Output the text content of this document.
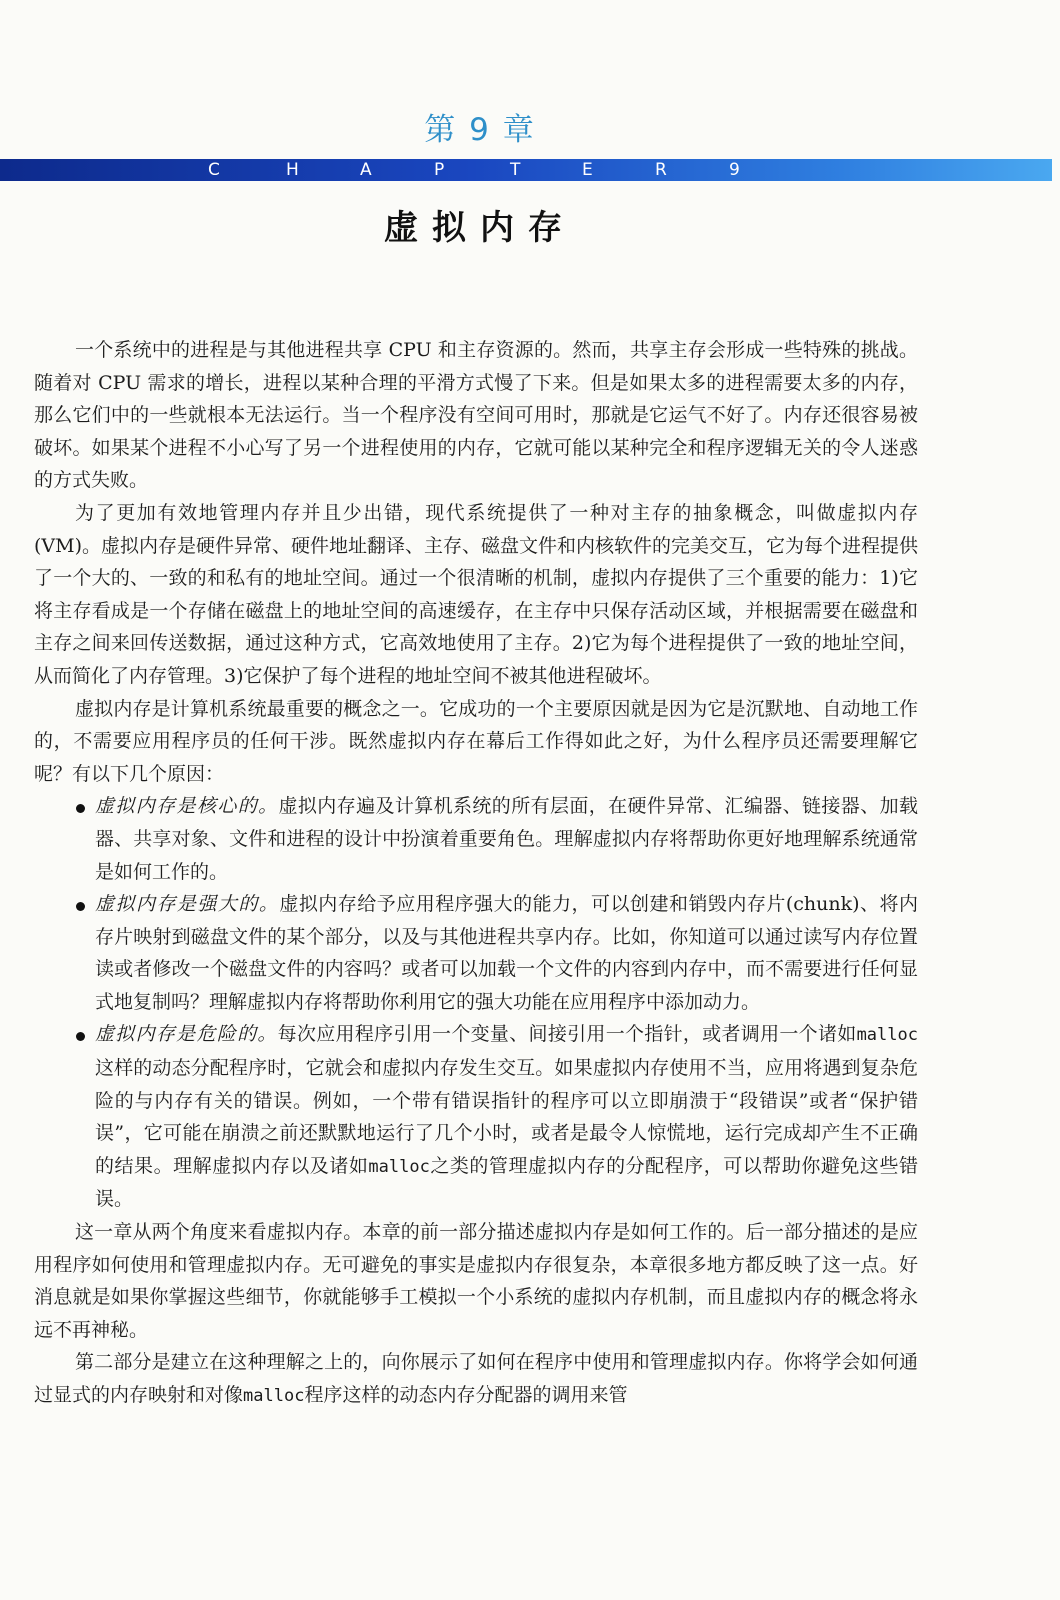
第 9 章
C	H	A	P	T	E	R	9
虚拟内存

一个系统中的进程是与其他进程共享 CPU 和主存资源的。然而，共享主存会形成一些特殊的挑战。随着对 CPU 需求的增长，进程以某种合理的平滑方式慢了下来。但是如果太多的进程需要太多的内存，那么它们中的一些就根本无法运行。当一个程序没有空间可用时，那就是它运气不好了。内存还很容易被破坏。如果某个进程不小心写了另一个进程使用的内存，它就可能以某种完全和程序逻辑无关的令人迷惑的方式失败。

为了更加有效地管理内存并且少出错，现代系统提供了一种对主存的抽象概念，叫做虚拟内存(VM)。虚拟内存是硬件异常、硬件地址翻译、主存、磁盘文件和内核软件的完美交互，它为每个进程提供了一个大的、一致的和私有的地址空间。通过一个很清晰的机制，虚拟内存提供了三个重要的能力：1)它将主存看成是一个存储在磁盘上的地址空间的高速缓存，在主存中只保存活动区域，并根据需要在磁盘和主存之间来回传送数据，通过这种方式，它高效地使用了主存。2)它为每个进程提供了一致的地址空间，从而简化了内存管理。3)它保护了每个进程的地址空间不被其他进程破坏。

虚拟内存是计算机系统最重要的概念之一。它成功的一个主要原因就是因为它是沉默地、自动地工作的，不需要应用程序员的任何干涉。既然虚拟内存在幕后工作得如此之好，为什么程序员还需要理解它呢？有以下几个原因：

虚拟内存是核心的。虚拟内存遍及计算机系统的所有层面，在硬件异常、汇编器、链接器、加载器、共享对象、文件和进程的设计中扮演着重要角色。理解虚拟内存将帮助你更好地理解系统通常是如何工作的。
虚拟内存是强大的。虚拟内存给予应用程序强大的能力，可以创建和销毁内存片(chunk)、将内存片映射到磁盘文件的某个部分，以及与其他进程共享内存。比如，你知道可以通过读写内存位置读或者修改一个磁盘文件的内容吗？或者可以加载一个文件的内容到内存中，而不需要进行任何显式地复制吗？理解虚拟内存将帮助你利用它的强大功能在应用程序中添加动力。
虚拟内存是危险的。每次应用程序引用一个变量、间接引用一个指针，或者调用一个诸如malloc这样的动态分配程序时，它就会和虚拟内存发生交互。如果虚拟内存使用不当，应用将遇到复杂危险的与内存有关的错误。例如，一个带有错误指针的程序可以立即崩溃于“段错误”或者“保护错误”，它可能在崩溃之前还默默地运行了几个小时，或者是最令人惊慌地，运行完成却产生不正确的结果。理解虚拟内存以及诸如malloc之类的管理虚拟内存的分配程序，可以帮助你避免这些错误。

这一章从两个角度来看虚拟内存。本章的前一部分描述虚拟内存是如何工作的。后一部分描述的是应用程序如何使用和管理虚拟内存。无可避免的事实是虚拟内存很复杂，本章很多地方都反映了这一点。好消息就是如果你掌握这些细节，你就能够手工模拟一个小系统的虚拟内存机制，而且虚拟内存的概念将永远不再神秘。

第二部分是建立在这种理解之上的，向你展示了如何在程序中使用和管理虚拟内存。你将学会如何通过显式的内存映射和对像malloc程序这样的动态内存分配器的调用来管
